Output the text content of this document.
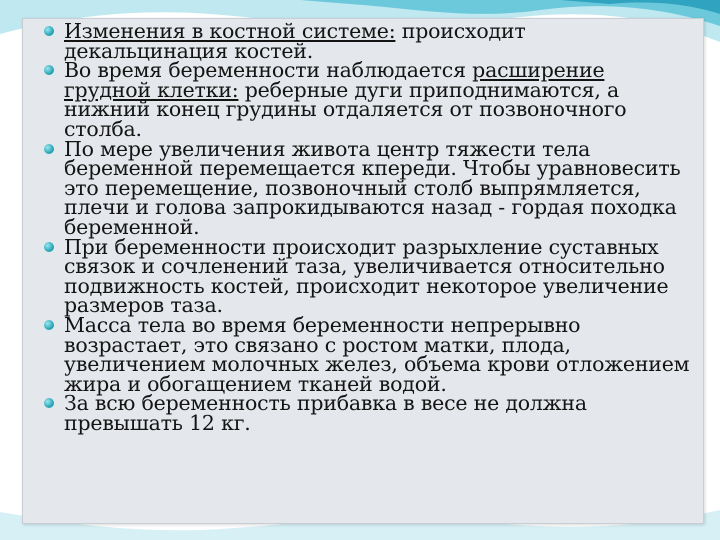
Изменения в костной системе: происходит декальцинация костей.
Во время беременности наблюдается расширение грудной клетки: реберные дуги приподнимаются, а нижний конец грудины отдаляется от позвоночного столба.
По мере увеличения живота центр тяжести тела беременной перемещается кпереди. Чтобы уравновесить это перемещение, позвоночный столб выпрямляется, плечи и голова запрокидываются назад - гордая походка беременной.
При беременности происходит разрыхление суставных связок и сочленений таза, увеличивается относительно подвижность костей, происходит некоторое увеличение размеров таза.
Масса тела во время беременности непрерывно возрастает, это связано с ростом матки, плода, увеличением молочных желез, объема крови отложением жира и обогащением тканей водой.
За всю беременность прибавка в весе не должна превышать 12 кг.
